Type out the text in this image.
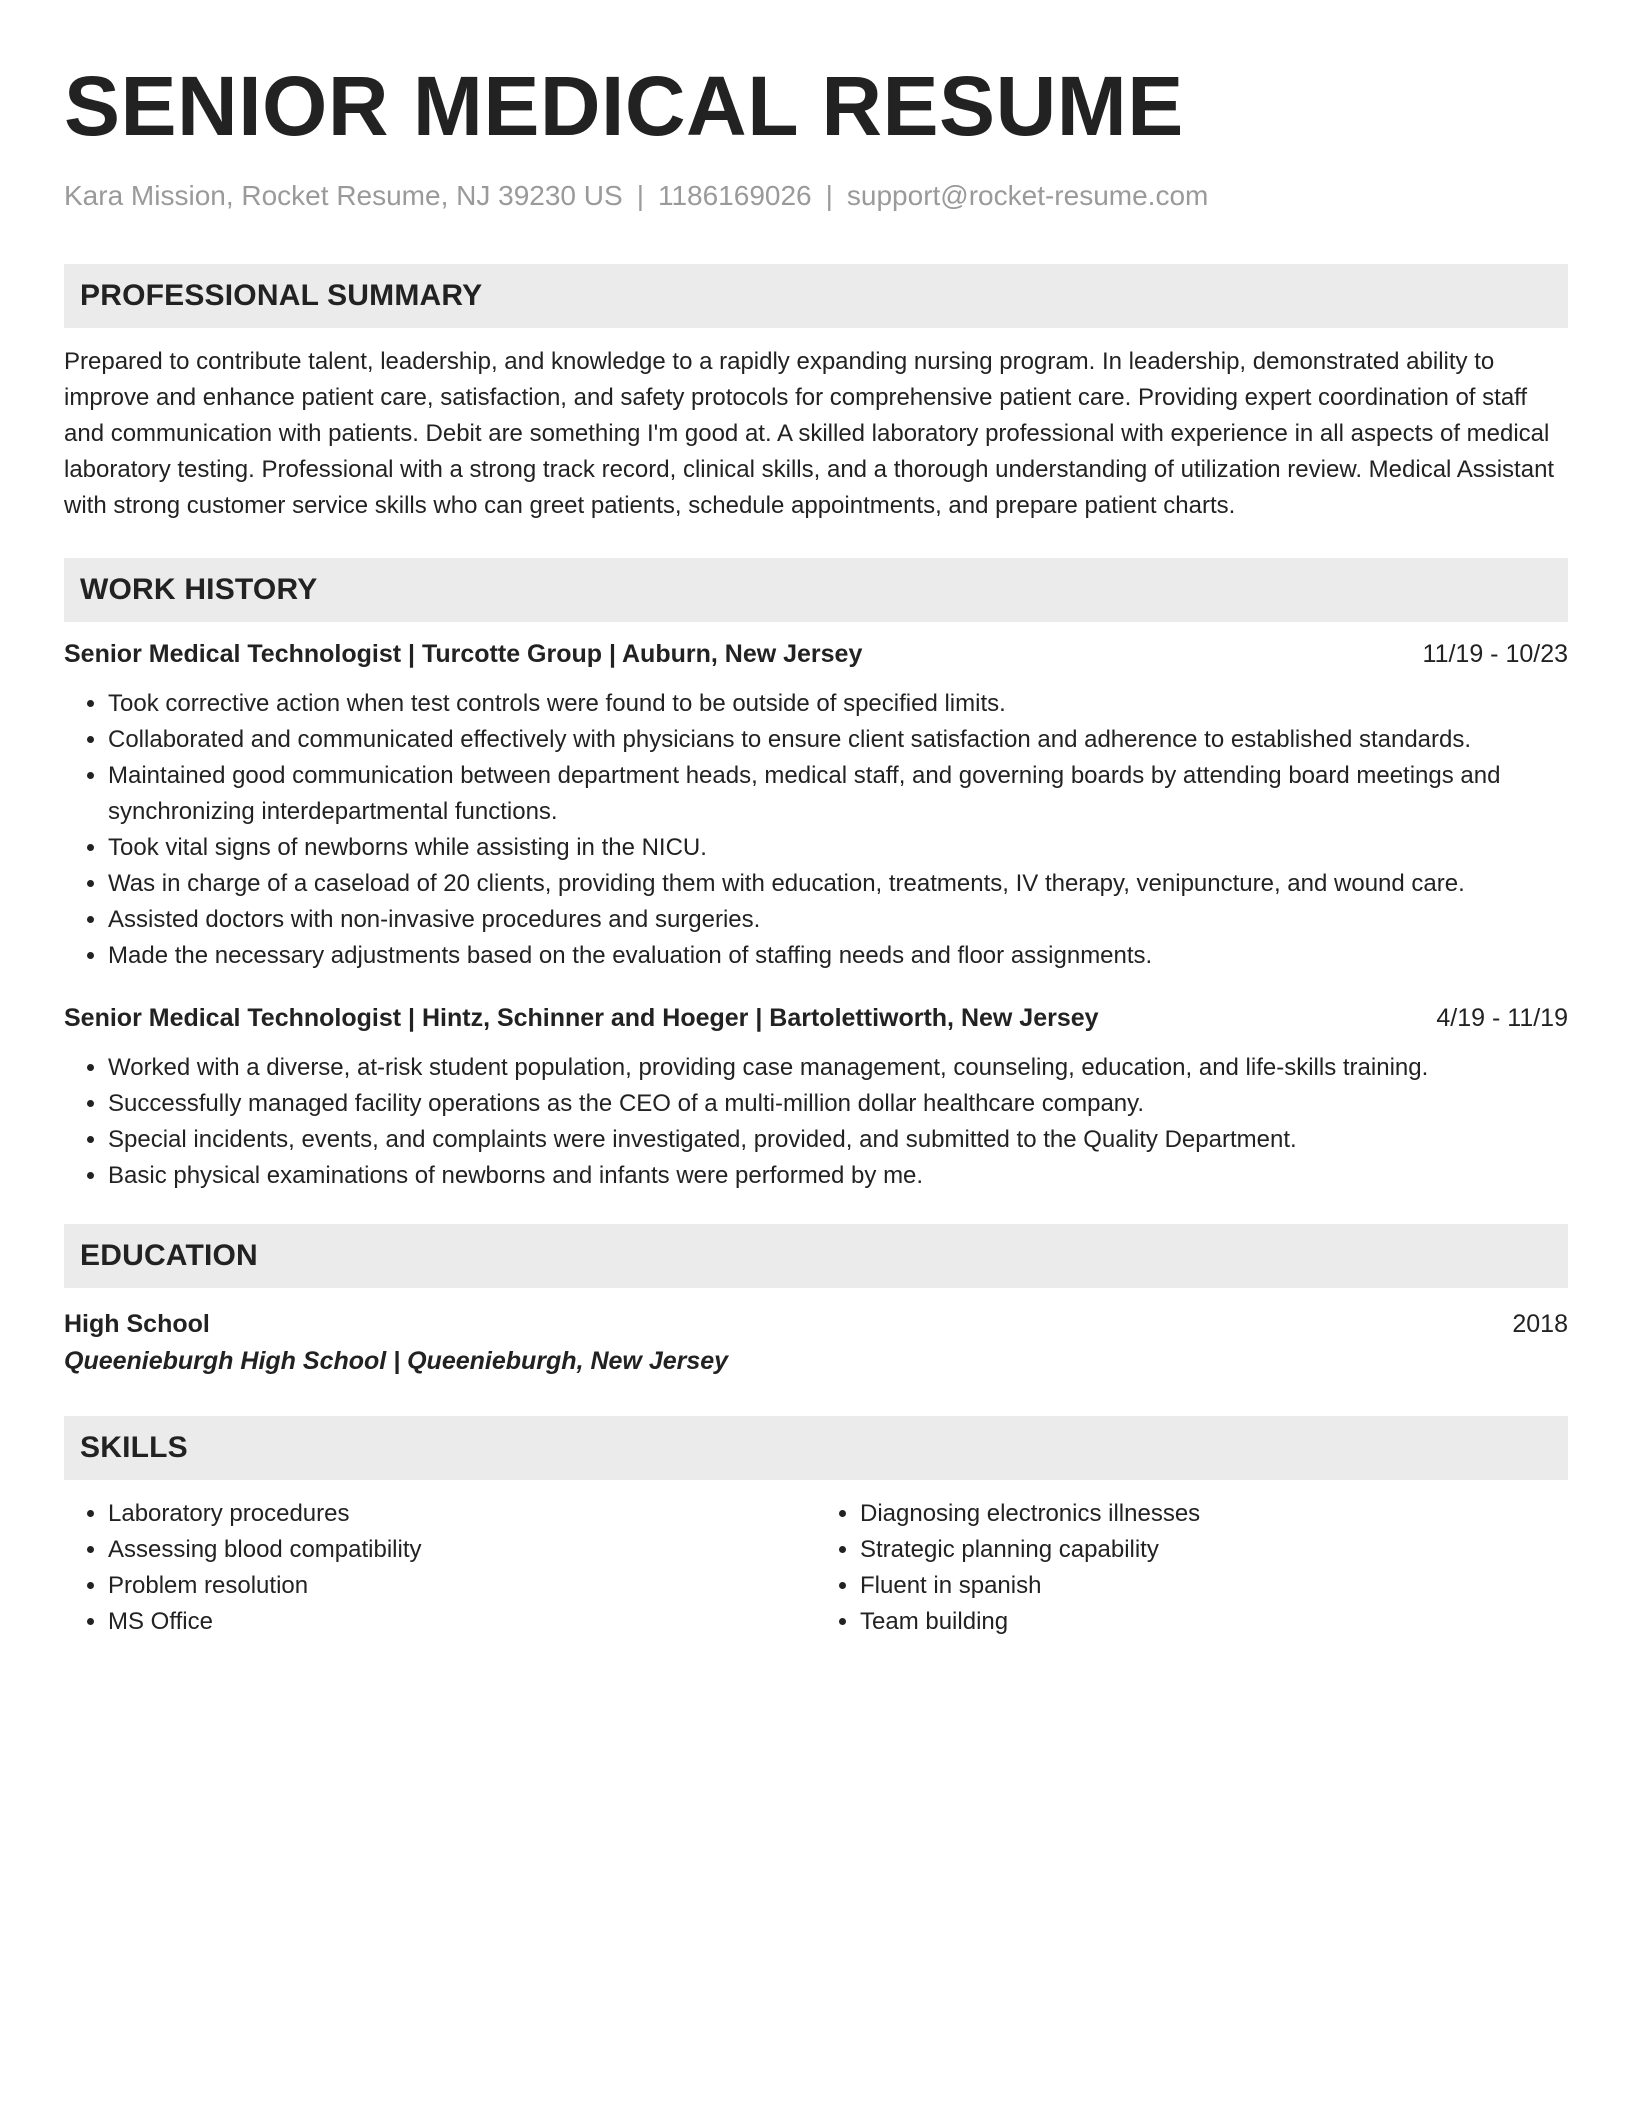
SENIOR MEDICAL RESUME
Kara Mission, Rocket Resume, NJ 39230 US | 1186169026 | support@rocket-resume.com
PROFESSIONAL SUMMARY
Prepared to contribute talent, leadership, and knowledge to a rapidly expanding nursing program. In leadership, demonstrated ability to improve and enhance patient care, satisfaction, and safety protocols for comprehensive patient care. Providing expert coordination of staff and communication with patients. Debit are something I'm good at. A skilled laboratory professional with experience in all aspects of medical laboratory testing. Professional with a strong track record, clinical skills, and a thorough understanding of utilization review. Medical Assistant with strong customer service skills who can greet patients, schedule appointments, and prepare patient charts.
WORK HISTORY
Senior Medical Technologist | Turcotte Group | Auburn, New Jersey	11/19 - 10/23
• Took corrective action when test controls were found to be outside of specified limits.
• Collaborated and communicated effectively with physicians to ensure client satisfaction and adherence to established standards.
• Maintained good communication between department heads, medical staff, and governing boards by attending board meetings and synchronizing interdepartmental functions.
• Took vital signs of newborns while assisting in the NICU.
• Was in charge of a caseload of 20 clients, providing them with education, treatments, IV therapy, venipuncture, and wound care.
• Assisted doctors with non-invasive procedures and surgeries.
• Made the necessary adjustments based on the evaluation of staffing needs and floor assignments.
Senior Medical Technologist | Hintz, Schinner and Hoeger | Bartolettiworth, New Jersey	4/19 - 11/19
• Worked with a diverse, at-risk student population, providing case management, counseling, education, and life-skills training.
• Successfully managed facility operations as the CEO of a multi-million dollar healthcare company.
• Special incidents, events, and complaints were investigated, provided, and submitted to the Quality Department.
• Basic physical examinations of newborns and infants were performed by me.
EDUCATION
High School	2018
Queenieburgh High School | Queenieburgh, New Jersey
SKILLS
• Laboratory procedures
• Assessing blood compatibility
• Problem resolution
• MS Office
• Diagnosing electronics illnesses
• Strategic planning capability
• Fluent in spanish
• Team building
